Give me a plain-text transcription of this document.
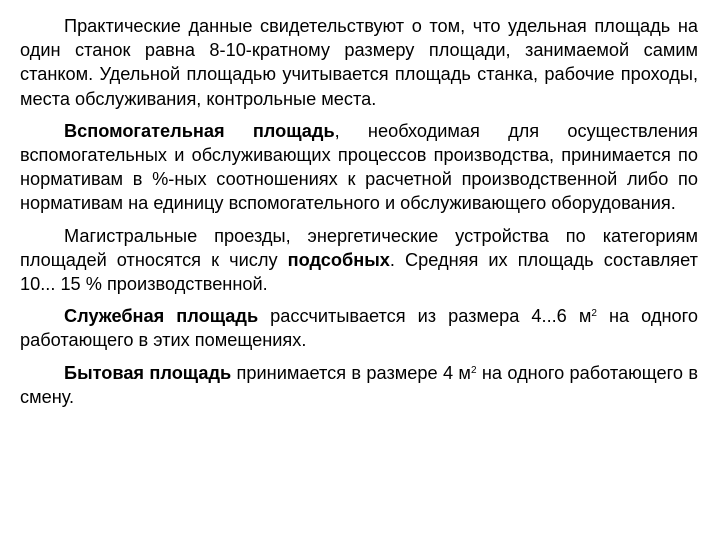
Практические данные свидетельствуют о том, что удельная площадь на один станок равна 8-10-кратному размеру площади, занимаемой самим станком. Удельной площадью учитывается площадь станка, рабочие проходы, места обслуживания, контрольные места.

Вспомогательная площадь, необходимая для осуществления вспомогательных и обслуживающих процессов производства, принимается по нормативам в %-ных соотношениях к расчетной производственной либо по нормативам на единицу вспомогательного и обслуживающего оборудования.

Магистральные проезды, энергетические устройства по категориям площадей относятся к числу подсобных. Средняя их площадь составляет 10... 15 % производственной.

Служебная площадь рассчитывается из размера 4...6 $м^2$ на одного работающего в этих помещениях.

Бытовая площадь принимается в размере 4 $м^2$ на одного работающего в смену.
